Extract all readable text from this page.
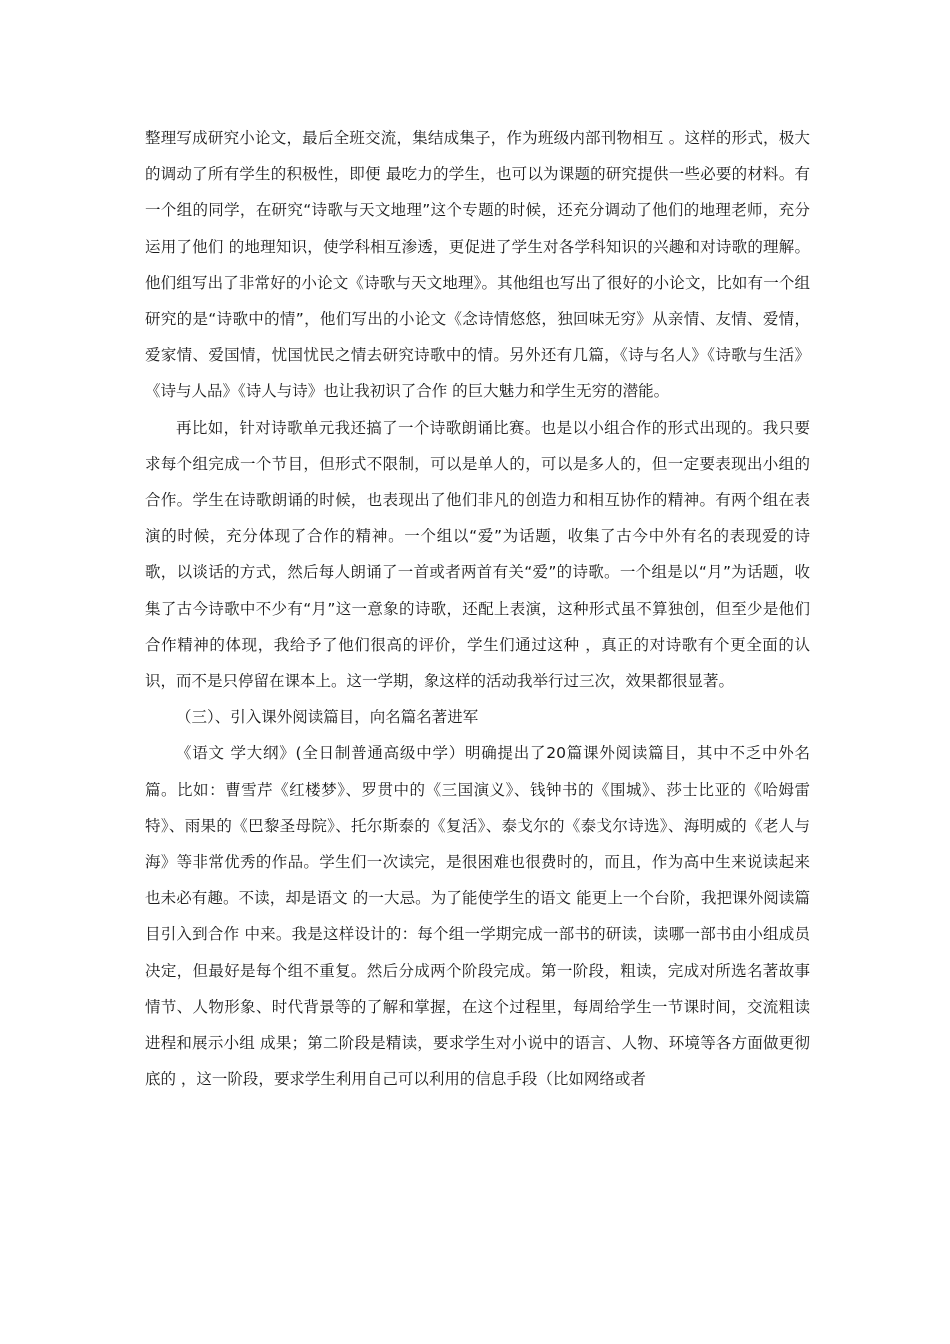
整理写成研究小论文，最后全班交流，集结成集子，作为班级内部刊物相互 。这样的形式，极大的调动了所有学生的积极性，即便 最吃力的学生，也可以为课题的研究提供一些必要的材料。有一个组的同学，在研究“诗歌与天文地理”这个专题的时候，还充分调动了他们的地理老师，充分运用了他们 的地理知识，使学科相互渗透，更促进了学生对各学科知识的兴趣和对诗歌的理解。他们组写出了非常好的小论文《诗歌与天文地理》。其他组也写出了很好的小论文，比如有一个组研究的是“诗歌中的情”，他们写出的小论文《念诗情悠悠，独回味无穷》从亲情、友情、爱情，爱家情、爱国情，忧国忧民之情去研究诗歌中的情。另外还有几篇，《诗与名人》《诗歌与生活》《诗与人品》《诗人与诗》也让我初识了合作 的巨大魅力和学生无穷的潜能。

再比如，针对诗歌单元我还搞了一个诗歌朗诵比赛。也是以小组合作的形式出现的。我只要求每个组完成一个节目，但形式不限制，可以是单人的，可以是多人的，但一定要表现出小组的合作。学生在诗歌朗诵的时候，也表现出了他们非凡的创造力和相互协作的精神。有两个组在表演的时候，充分体现了合作的精神。一个组以“爱”为话题，收集了古今中外有名的表现爱的诗歌，以谈话的方式，然后每人朗诵了一首或者两首有关“爱”的诗歌。一个组是以“月”为话题，收集了古今诗歌中不少有“月”这一意象的诗歌，还配上表演，这种形式虽不算独创，但至少是他们合作精神的体现，我给予了他们很高的评价，学生们通过这种 ，真正的对诗歌有个更全面的认识，而不是只停留在课本上。这一学期，象这样的活动我举行过三次，效果都很显著。

（三）、引入课外阅读篇目，向名篇名著进军

《语文 学大纲》(全日制普通高级中学）明确提出了20篇课外阅读篇目，其中不乏中外名篇。比如：曹雪芹《红楼梦》、罗贯中的《三国演义》、钱钟书的《围城》、莎士比亚的《哈姆雷特》、雨果的《巴黎圣母院》、托尔斯泰的《复活》、泰戈尔的《泰戈尔诗选》、海明威的《老人与海》等非常优秀的作品。学生们一次读完，是很困难也很费时的，而且，作为高中生来说读起来也未必有趣。不读，却是语文 的一大忌。为了能使学生的语文 能更上一个台阶，我把课外阅读篇目引入到合作 中来。我是这样设计的：每个组一学期完成一部书的研读，读哪一部书由小组成员决定，但最好是每个组不重复。然后分成两个阶段完成。第一阶段，粗读，完成对所选名著故事情节、人物形象、时代背景等的了解和掌握，在这个过程里，每周给学生一节课时间，交流粗读进程和展示小组 成果；第二阶段是精读，要求学生对小说中的语言、人物、环境等各方面做更彻底的 ，这一阶段，要求学生利用自己可以利用的信息手段（比如网络或者
